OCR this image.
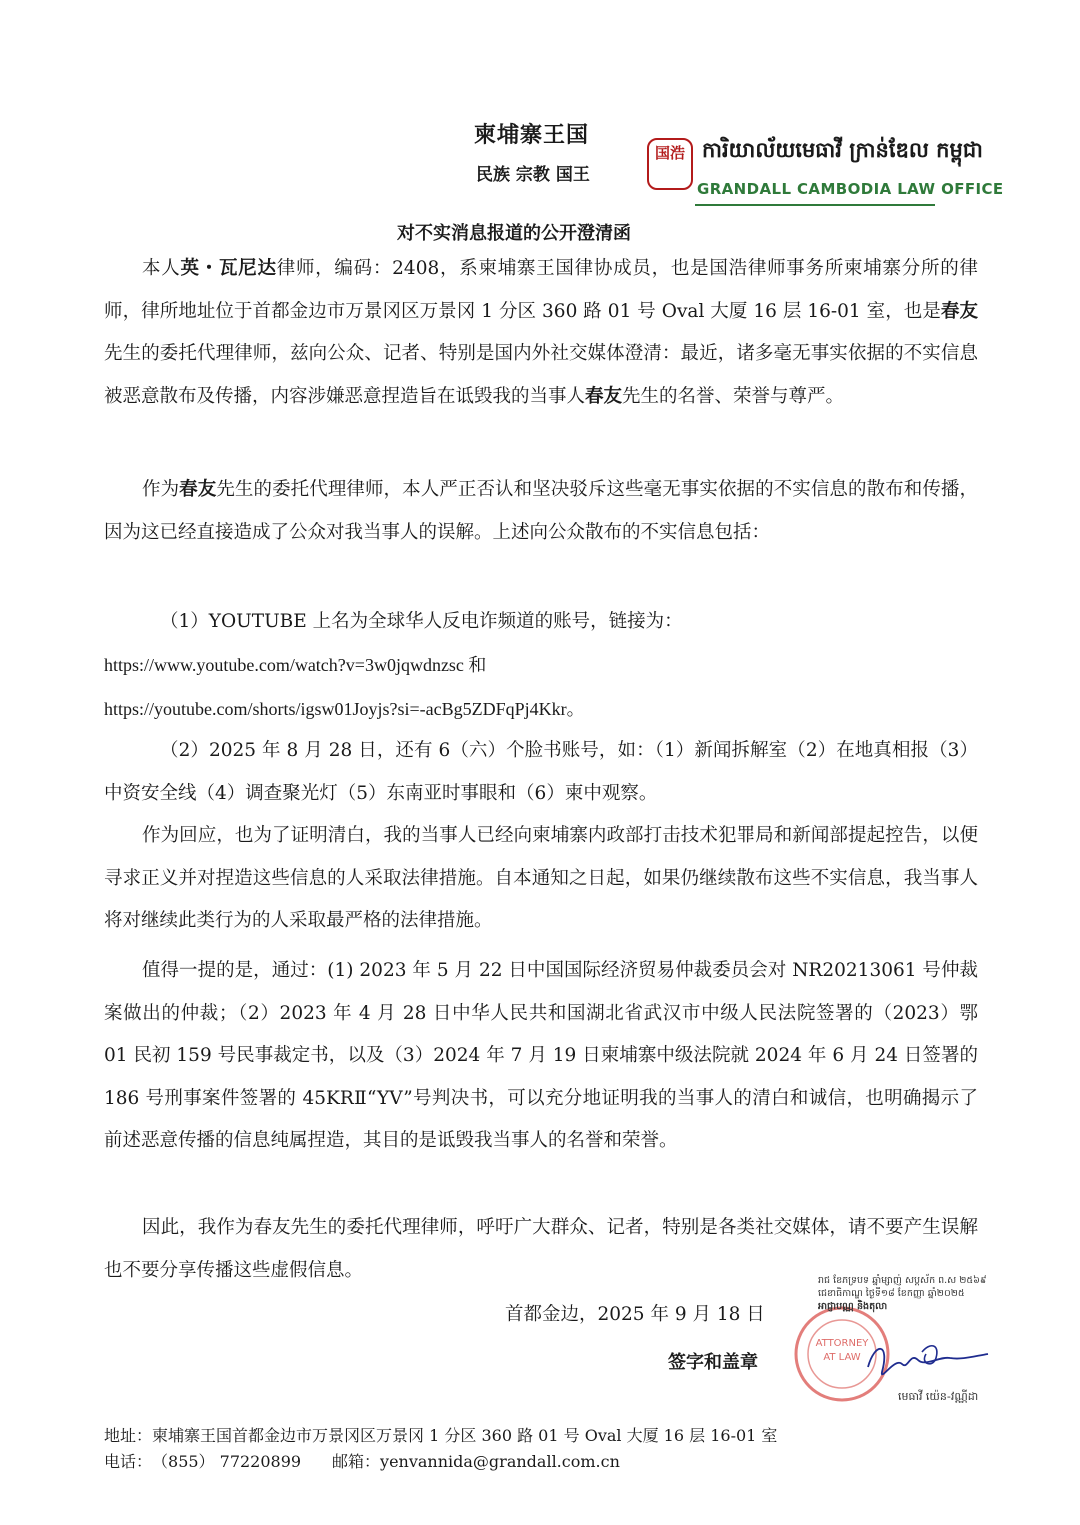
柬埔寨王国
民族 宗教 国王
国浩 ការិយាល័យមេធាវី ក្រាន់ឌែល កម្ពុជា
GRANDALL CAMBODIA LAW OFFICE
对不实消息报道的公开澄清函

本人英・瓦尼达律师，编码：2408，系柬埔寨王国律协成员，也是国浩律师事务所柬埔寨分所的律师，律所地址位于首都金边市万景冈区万景冈 1 分区 360 路 01 号 Oval 大厦 16 层 16-01 室，也是春友先生的委托代理律师，兹向公众、记者、特别是国内外社交媒体澄清：最近，诸多毫无事实依据的不实信息被恶意散布及传播，内容涉嫌恶意捏造旨在诋毁我的当事人春友先生的名誉、荣誉与尊严。

作为春友先生的委托代理律师，本人严正否认和坚决驳斥这些毫无事实依据的不实信息的散布和传播，因为这已经直接造成了公众对我当事人的误解。上述向公众散布的不实信息包括：

（1）YOUTUBE 上名为全球华人反电诈频道的账号，链接为：
https://www.youtube.com/watch?v=3w0jqwdnzsc 和
https://youtube.com/shorts/igsw01Joyjs?si=-acBg5ZDFqPj4Kkr。

（2）2025 年 8 月 28 日，还有 6（六）个脸书账号，如：（1）新闻拆解室（2）在地真相报（3）中资安全线（4）调查聚光灯（5）东南亚时事眼和（6）柬中观察。

作为回应，也为了证明清白，我的当事人已经向柬埔寨内政部打击技术犯罪局和新闻部提起控告，以便寻求正义并对捏造这些信息的人采取法律措施。自本通知之日起，如果仍继续散布这些不实信息，我当事人将对继续此类行为的人采取最严格的法律措施。

值得一提的是，通过：(1) 2023 年 5 月 22 日中国国际经济贸易仲裁委员会对 NR20213061 号仲裁案做出的仲裁；（2）2023 年 4 月 28 日中华人民共和国湖北省武汉市中级人民法院签署的（2023）鄂 01 民初 159 号民事裁定书，以及（3）2024 年 7 月 19 日柬埔寨中级法院就 2024 年 6 月 24 日签署的 186 号刑事案件签署的 45KRⅡ“YV”号判决书，可以充分地证明我的当事人的清白和诚信，也明确揭示了前述恶意传播的信息纯属捏造，其目的是诋毁我当事人的名誉和荣誉。

因此，我作为春友先生的委托代理律师，呼吁广大群众、记者，特别是各类社交媒体，请不要产生误解也不要分享传播这些虚假信息。

首都金边，2025 年 9 月 18 日
签字和盖章
ATTORNEY
AT LAW
រាជ ខែភទ្របទ ឆ្នាំម្សាញ់ សប្តស័ក ព.ស ២៥៦៩
ជេខាធិកាណ្ឌ ថ្ងៃទី១៨ ខែកញ្ញា ឆ្នាំ២០២៥
អាជ្ញាបណ្ណ និងតុលា
មេធាវី យ៉េន-វណ្ណីដា
地址：柬埔寨王国首都金边市万景冈区万景冈 1 分区 360 路 01 号 Oval 大厦 16 层 16-01 室
电话：（855） 77220899 邮箱：yenvannida@grandall.com.cn
